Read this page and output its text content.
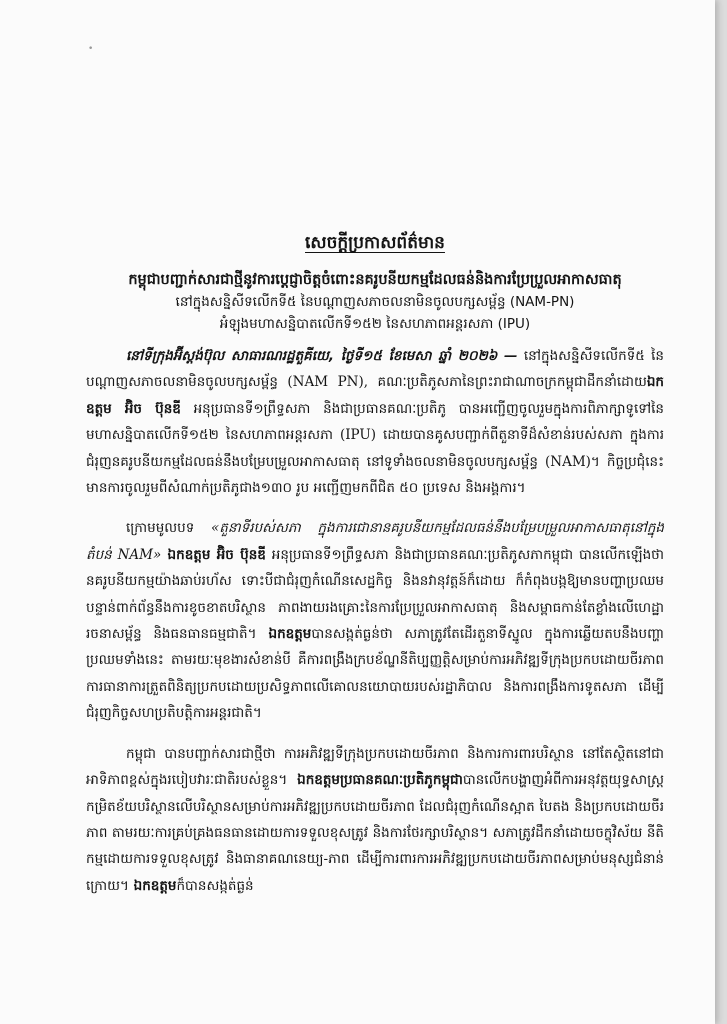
•

សេចក្តីប្រកាសព័ត៌មាន

កម្ពុជាបញ្ជាក់សារជាថ្មីនូវការប្តេជ្ញាចិត្តចំពោះនគរូបនីយកម្មដែលធន់និងការប្រែប្រួលអាកាសធាតុ

នៅក្នុងសន្និសីទលើកទី៥ នៃបណ្តាញសភាចលនាមិនចូលបក្សសម្ព័ន្ធ (NAM-PN)

អំឡុងមហាសន្និបាតលើកទី១៥២ នៃសហភាពអន្តរសភា (IPU)

នៅទីក្រុងអ៊ីស្តង់ប៊ុល សាធារណរដ្ឋតួគីយេ, ថ្ងៃទី១៥ ខែមេសា ឆ្នាំ ២០២៦ — នៅក្នុងសន្និសីទលើកទី៥ នៃបណ្តាញសភាចលនាមិនចូលបក្សសម្ព័ន្ធ (NAM PN), គណៈប្រតិភូសភានៃព្រះរាជាណាចក្រកម្ពុជាដឹកនាំដោយឯកឧត្តម អ៊ិច ប៊ុនឌី អនុប្រធានទី១ព្រឹទ្ធសភា និងជាប្រធានគណៈប្រតិភូ បានអញ្ជើញចូលរួមក្នុងការពិភាក្សាទូទៅនៃមហាសន្និបាតលើកទី១៥២ នៃសហភាពអន្តរសភា (IPU) ដោយបានគូសបញ្ជាក់ពីតួនាទីដ៏សំខាន់របស់សភា ក្នុងការជំរុញនគរូបនីយកម្មដែលធន់នឹងបម្រែបម្រួលអាកាសធាតុ នៅទូទាំងចលនាមិនចូលបក្សសម្ព័ន្ធ (NAM)។ កិច្ចប្រជុំនេះមានការចូលរួមពីសំណាក់ប្រតិភូជាង១៣០ រូប អញ្ជើញមកពីជិត ៥០ ប្រទេស និងអង្គការ។

ក្រោមមូលបទ «តួនាទីរបស់សភា ក្នុងការជោនានគរូបនីយកម្មដែលធន់នឹងបម្រែបម្រួលអាកាសធាតុនៅក្នុងតំបន់ NAM» ឯកឧត្តម អ៊ិច ប៊ុនឌី អនុប្រធានទី១ព្រឹទ្ធសភា និងជាប្រធានគណៈប្រតិភូសភាកម្ពុជា បានលើកឡើងថា នគរូបនីយកម្មយ៉ាងឆាប់រហ័ស ទោះបីជាជំរុញកំណើនសេដ្ឋកិច្ច និងនវានុវត្តន៍ក៏ដោយ ក៏កំពុងបង្កឱ្យមានបញ្ហាប្រឈមបន្ទាន់ពាក់ព័ន្ធនឹងការខូចខាតបរិស្ថាន ភាពងាយរងគ្រោះនៃការប្រែប្រួលអាកាសធាតុ និងសម្ពាធកាន់តែខ្លាំងលើហេដ្ឋារចនាសម្ព័ន្ធ និងធនធានធម្មជាតិ។ ឯកឧត្តមបានសង្កត់ធ្ងន់ថា សភាត្រូវតែដើរតួនាទីស្នូល ក្នុងការឆ្លើយតបនឹងបញ្ហាប្រឈមទាំងនេះ តាមរយៈមុខងារសំខាន់បី គឺការពង្រឹងក្របខ័ណ្ឌនីតិប្បញ្ញត្តិសម្រាប់ការអភិវឌ្ឍទីក្រុងប្រកបដោយចីរភាព ការធានាការត្រួតពិនិត្យប្រកបដោយប្រសិទ្ធភាពលើគោលនយោបាយរបស់រដ្ឋាភិបាល និងការពង្រឹងការទូតសភា ដើម្បីជំរុញកិច្ចសហប្រតិបត្តិការអន្តរជាតិ។

កម្ពុជា បានបញ្ជាក់សារជាថ្មីថា ការអភិវឌ្ឍទីក្រុងប្រកបដោយចីរភាព និងការការពារបរិស្ថាន នៅតែស្ថិតនៅជាអាទិភាពខ្ពស់ក្នុងរបៀបវារៈជាតិរបស់ខ្លួន។ ឯកឧត្តមប្រធានគណៈប្រតិភូកម្ពុជាបានលើកបង្ហាញអំពីការអនុវត្តយុទ្ធសាស្ត្រកម្រិតខ័យបរិស្ថានលើបរិស្ថានសម្រាប់ការអភិវឌ្ឍប្រកបដោយចីរភាព ដែលជំរុញកំណើនស្អាត បៃតង និងប្រកបដោយចីរភាព តាមរយៈការគ្រប់គ្រងធនធានដោយការទទួលខុសត្រូវ និងការថែរក្សាបរិស្ថាន។ សភាត្រូវដឹកនាំដោយចក្ខុវិស័យ នីតិកម្មដោយការទទួលខុសត្រូវ និងធានាគណនេយ្យ-ភាព ដើម្បីការពារការអភិវឌ្ឍប្រកបដោយចីរភាពសម្រាប់មនុស្សជំនាន់ក្រោយ។ ឯកឧត្តមក៏បានសង្កត់ធ្ងន់
